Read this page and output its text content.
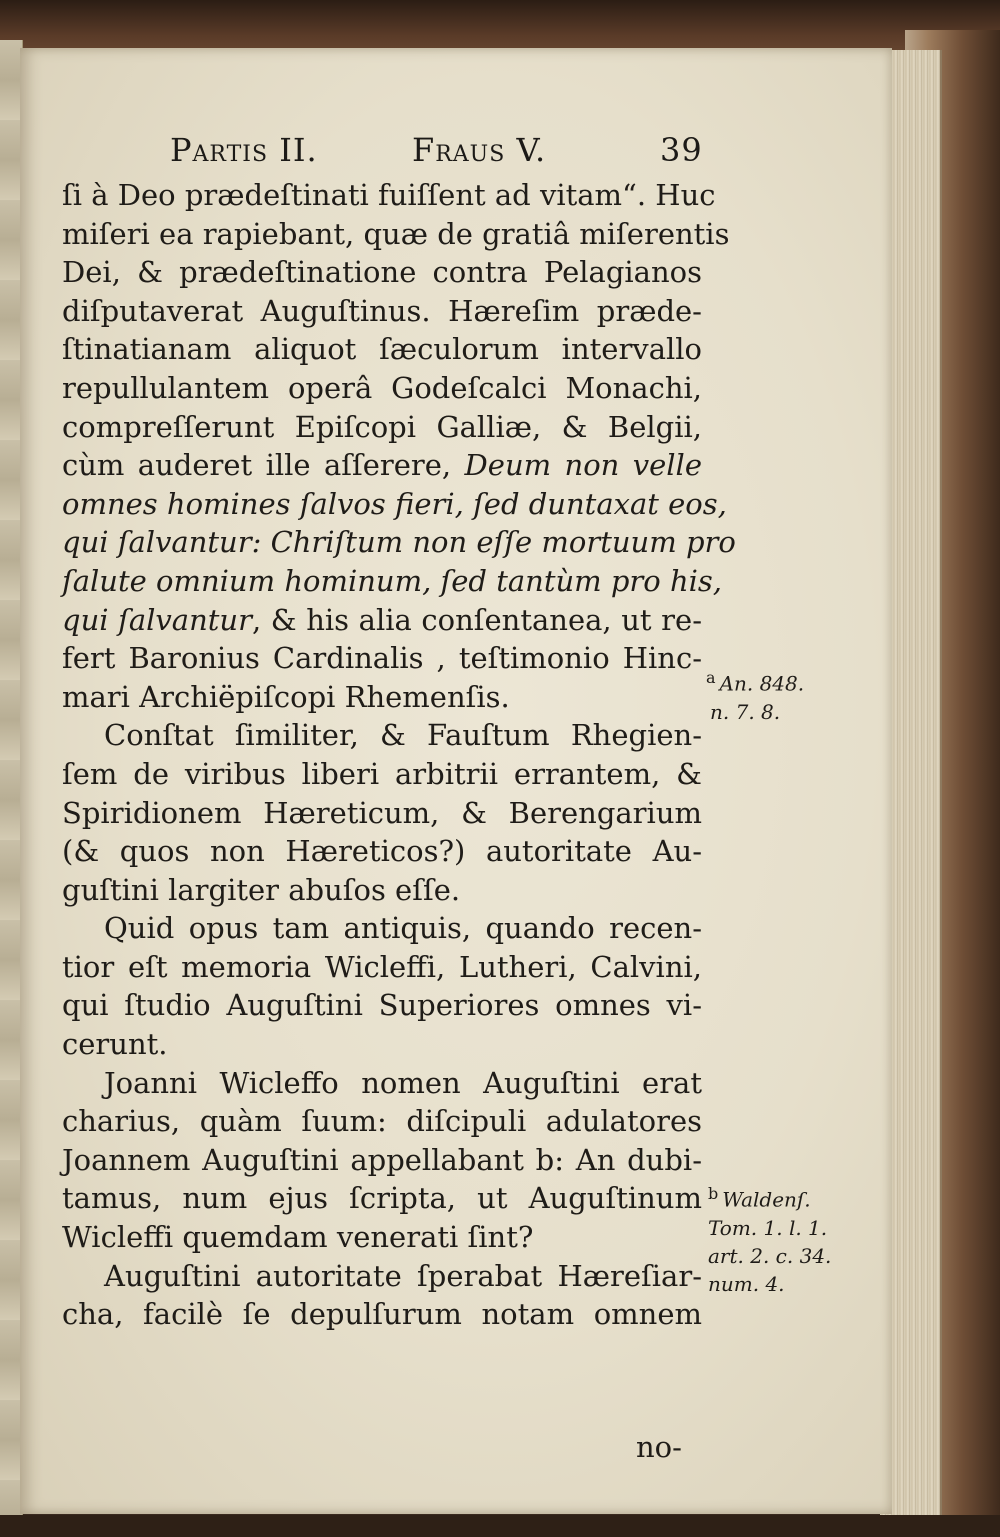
Partis II.	Fraus V.	39
ſi à Deo prædeſtinati fuiſſent ad vitam“. Huc
miſeri ea rapiebant, quæ de gratiâ miſerentis
Dei, & prædeſtinatione contra Pelagianos
diſputaverat Auguſtinus. Hæreſim præde-
ſtinatianam aliquot ſæculorum intervallo
repullulantem operâ Godeſcalci Monachi,
compreſſerunt Epiſcopi Galliæ, & Belgii,
cùm auderet ille aſſerere, Deum non velle
omnes homines ſalvos fieri, ſed duntaxat eos,
qui ſalvantur: Chriſtum non eſſe mortuum pro
ſalute omnium hominum, ſed tantùm pro his,
qui ſalvantur, & his alia conſentanea, ut re-
fert Baronius Cardinalis , teſtimonio Hinc-
mari Archiëpiſcopi Rhemenſis.
Conſtat ſimiliter, & Fauſtum Rhegien-
ſem de viribus liberi arbitrii errantem, &
Spiridionem Hæreticum, & Berengarium
(& quos non Hæreticos?) autoritate Au-
guſtini largiter abuſos eſſe.
Quid opus tam antiquis, quando recen-
tior eſt memoria Wicleffi, Lutheri, Calvini,
qui ſtudio Auguſtini Superiores omnes vi-
cerunt.
Joanni Wicleffo nomen Auguſtini erat
charius, quàm ſuum: diſcipuli adulatores
Joannem Auguſtini appellabant b: An dubi-
tamus, num ejus ſcripta, ut Auguſtinum
Wicleffi quemdam venerati ſint?
Auguſtini autoritate ſperabat Hæreſiar-
cha, facilè ſe depulſurum notam omnem
$^a$ An. 848.
n. 7. 8.
$^b$ Waldenſ.
Tom. 1. l. 1.
art. 2. c. 34.
num. 4.
no-
